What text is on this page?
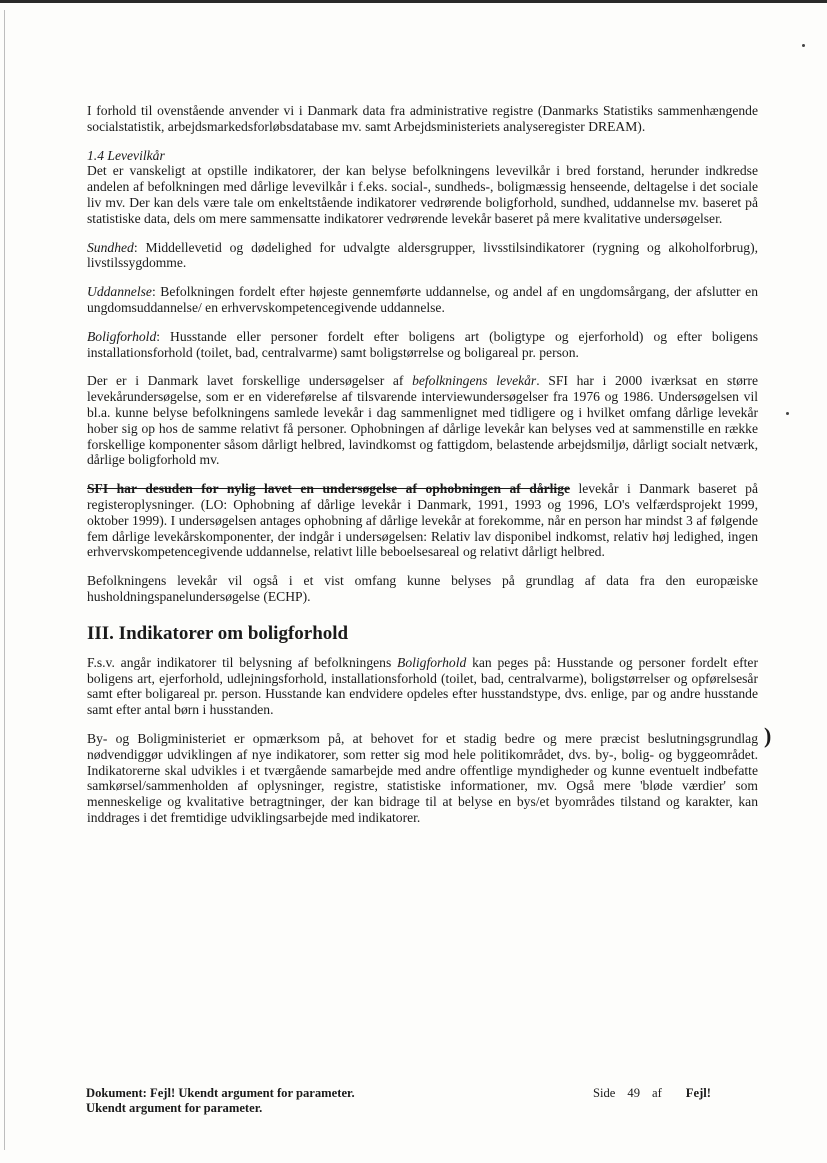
I forhold til ovenstående anvender vi i Danmark data fra administrative registre (Danmarks Statistiks sammenhængende socialstatistik, arbejdsmarkedsforløbsdatabase mv. samt Arbejdsministeriets analyseregister DREAM).

1.4 Levevilkår

Det er vanskeligt at opstille indikatorer, der kan belyse befolkningens levevilkår i bred forstand, herunder indkredse andelen af befolkningen med dårlige levevilkår i f.eks. social-, sundheds-, boligmæssig henseende, deltagelse i det sociale liv mv. Der kan dels være tale om enkeltstående indikatorer vedrørende boligforhold, sundhed, uddannelse mv. baseret på statistiske data, dels om mere sammensatte indikatorer vedrørende levekår baseret på mere kvalitative undersøgelser.

Sundhed: Middellevetid og dødelighed for udvalgte aldersgrupper, livsstilsindikatorer (rygning og alkoholforbrug), livstilssygdomme.

Uddannelse: Befolkningen fordelt efter højeste gennemførte uddannelse, og andel af en ungdomsårgang, der afslutter en ungdomsuddannelse/ en erhvervskompetencegivende uddannelse.

Boligforhold: Husstande eller personer fordelt efter boligens art (boligtype og ejerforhold) og efter boligens installationsforhold (toilet, bad, centralvarme) samt boligstørrelse og boligareal pr. person.

Der er i Danmark lavet forskellige undersøgelser af befolkningens levekår. SFI har i 2000 iværksat en større levekårundersøgelse, som er en videreførelse af tilsvarende interviewundersøgelser fra 1976 og 1986. Undersøgelsen vil bl.a. kunne belyse befolkningens samlede levekår i dag sammenlignet med tidligere og i hvilket omfang dårlige levekår hober sig op hos de samme relativt få personer. Ophobningen af dårlige levekår kan belyses ved at sammenstille en række forskellige komponenter såsom dårligt helbred, lavindkomst og fattigdom, belastende arbejdsmiljø, dårligt socialt netværk, dårlige boligforhold mv.

SFI har desuden for nylig lavet en undersøgelse af ophobningen af dårlige levekår i Danmark baseret på registeroplysninger. (LO: Ophobning af dårlige levekår i Danmark, 1991, 1993 og 1996, LO's velfærdsprojekt 1999, oktober 1999). I undersøgelsen antages ophobning af dårlige levekår at forekomme, når en person har mindst 3 af følgende fem dårlige levekårskomponenter, der indgår i undersøgelsen: Relativ lav disponibel indkomst, relativ høj ledighed, ingen erhvervskompetencegivende uddannelse, relativt lille beboelsesareal og relativt dårligt helbred.

Befolkningens levekår vil også i et vist omfang kunne belyses på grundlag af data fra den europæiske husholdningspanelundersøgelse (ECHP).

III. Indikatorer om boligforhold

F.s.v. angår indikatorer til belysning af befolkningens Boligforhold kan peges på: Husstande og personer fordelt efter boligens art, ejerforhold, udlejningsforhold, installationsforhold (toilet, bad, centralvarme), boligstørrelser og opførelsesår samt efter boligareal pr. person. Husstande kan endvidere opdeles efter husstandstype, dvs. enlige, par og andre husstande samt efter antal børn i husstanden.

By- og Boligministeriet er opmærksom på, at behovet for et stadig bedre og mere præcist beslutningsgrundlag nødvendiggør udviklingen af nye indikatorer, som retter sig mod hele politikområdet, dvs. by-, bolig- og byggeområdet. Indikatorerne skal udvikles i et tværgående samarbejde med andre offentlige myndigheder og kunne eventuelt indbefatte samkørsel/sammenholden af oplysninger, registre, statistiske informationer, mv. Også mere 'bløde værdier' som menneskelige og kvalitative betragtninger, der kan bidrage til at belyse en bys/et byområdes tilstand og karakter, kan inddrages i det fremtidige udviklingsarbejde med indikatorer.

)
Dokument: Fejl! Ukendt argument for parameter.
Ukendt argument for parameter.
Side 49 af Fejl!
